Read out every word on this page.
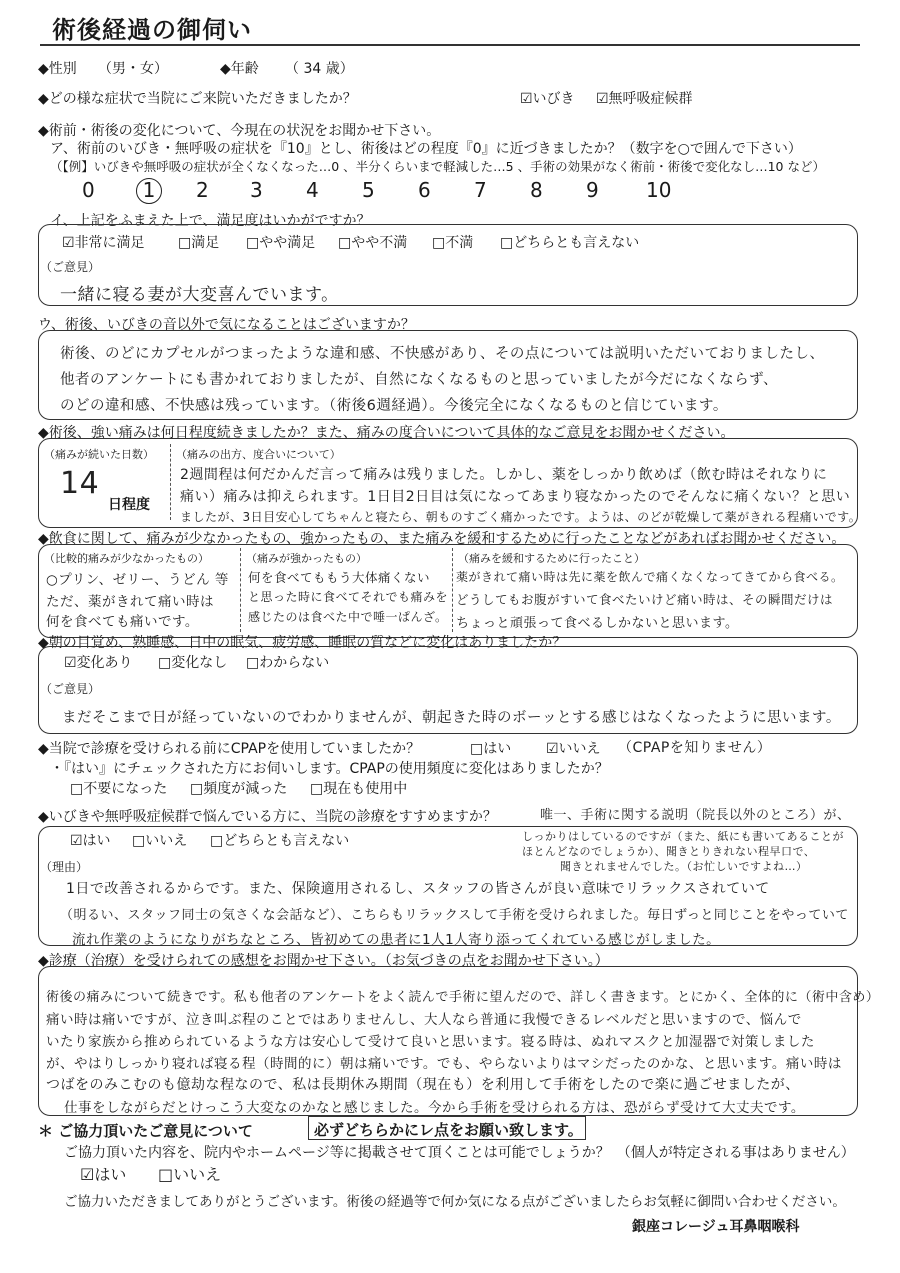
術後経過の御伺い
◆性別 （男・女）	◆年齢 （ 34 歳）
◆どの様な症状で当院にご来院いただきましたか？	☑いびき ☑無呼吸症候群
◆術前・術後の変化について、今現在の状況をお聞かせ下さい。
ア、術前のいびき・無呼吸の症状を『10』とし、術後はどの程度『0』に近づきましたか？（数字を○で囲んで下さい）
（【例】いびきや無呼吸の症状が全くなくなった…0 、半分くらいまで軽減した…5 、手術の効果がなく術前・術後で変化なし…10 など）
0	1	2 3 4 5 6 7 8 9 10
イ、上記をふまえた上で、満足度はいかがですか？
☑非常に満足 □満足 □やや満足 □やや不満 □不満 □どちらとも言えない
（ご意見）
一緒に寝る妻が大変喜んでいます。
ウ、術後、いびきの音以外で気になることはございますか？
術後、のどにカプセルがつまったような違和感、不快感があり、その点については説明いただいておりましたし、
他者のアンケートにも書かれておりましたが、自然になくなるものと思っていましたが今だになくならず、
のどの違和感、不快感は残っています。（術後6週経過）。今後完全になくなるものと信じています。
◆術後、強い痛みは何日程度続きましたか？また、痛みの度合いについて具体的なご意見をお聞かせください。
（痛みが続いた日数）
14
日程度
（痛みの出方、度合いについて）
2週間程は何だかんだ言って痛みは残りました。しかし、薬をしっかり飲めば（飲む時はそれなりに
痛い）痛みは抑えられます。1日目2日目は気になってあまり寝なかったのでそんなに痛くない？と思い
ましたが、3日目安心してちゃんと寝たら、朝ものすごく痛かったです。ようは、のどが乾燥して薬がきれる程痛いです。
◆飲食に関して、痛みが少なかったもの、強かったもの、また痛みを緩和するために行ったことなどがあればお聞かせください。
（比較的痛みが少なかったもの）
○プリン、ゼリー、うどん 等
ただ、薬がきれて痛い時は
何を食べても痛いです。
（痛みが強かったもの）
何を食べてももう大体痛くない
と思った時に食べてそれでも痛みを
感じたのは食べた中で唾一ぱんざ。
（痛みを緩和するために行ったこと）
薬がきれて痛い時は先に薬を飲んで痛くなくなってきてから食べる。
どうしてもお腹がすいて食べたいけど痛い時は、その瞬間だけは
ちょっと頑張って食べるしかないと思います。
◆朝の目覚め、熟睡感、日中の眠気、疲労感、睡眠の質などに変化はありましたか？
☑変化あり □変化なし □わからない
（ご意見）
まだそこまで日が経っていないのでわかりませんが、朝起きた時のボーッとする感じはなくなったように思います。
◆当院で診療を受けられる前にCPAPを使用していましたか？	□はい ☑いいえ （CPAPを知りません）
・『はい』にチェックされた方にお伺いします。CPAPの使用頻度に変化はありましたか？
□不要になった □頻度が減った □現在も使用中
◆いびきや無呼吸症候群で悩んでいる方に、当院の診療をすすめますか？	唯一、手術に関する説明（院長以外のところ）が、
☑はい □いいえ □どちらとも言えない	しっかりはしているのですが（また、紙にも書いてあることが
ほとんどなのでしょうか）、聞きとりきれない程早口で、
聞きとれませんでした。（お忙しいですよね…）
（理由）
1日で改善されるからです。また、保険適用されるし、スタッフの皆さんが良い意味でリラックスされていて
（明るい、スタッフ同士の気さくな会話など）、こちらもリラックスして手術を受けられました。毎日ずっと同じことをやっていて
流れ作業のようになりがちなところ、皆初めての患者に1人1人寄り添ってくれている感じがしました。
◆診療（治療）を受けられての感想をお聞かせ下さい。（お気づきの点をお聞かせ下さい。）
術後の痛みについて続きです。私も他者のアンケートをよく読んで手術に望んだので、詳しく書きます。とにかく、全体的に（術中含め）
痛い時は痛いですが、泣き叫ぶ程のことではありませんし、大人なら普通に我慢できるレベルだと思いますので、悩んで
いたり家族から推められているような方は安心して受けて良いと思います。寝る時は、ぬれマスクと加湿器で対策しました
が、やはりしっかり寝れば寝る程（時間的に）朝は痛いです。でも、やらないよりはマシだったのかな、と思います。痛い時は
つばをのみこむのも億劫な程なので、私は長期休み期間（現在も）を利用して手術をしたので楽に過ごせましたが、
仕事をしながらだとけっこう大変なのかなと感じました。今から手術を受けられる方は、恐がらず受けて大丈夫です。
＊ ご協力頂いたご意見について	必ずどちらかにレ点をお願い致します。
ご協力頂いた内容を、院内やホームページ等に掲載させて頂くことは可能でしょうか？　（個人が特定される事はありません）
☑はい □いいえ
ご協力いただきましてありがとうございます。術後の経過等で何か気になる点がございましたらお気軽に御問い合わせください。
銀座コレージュ耳鼻咽喉科
